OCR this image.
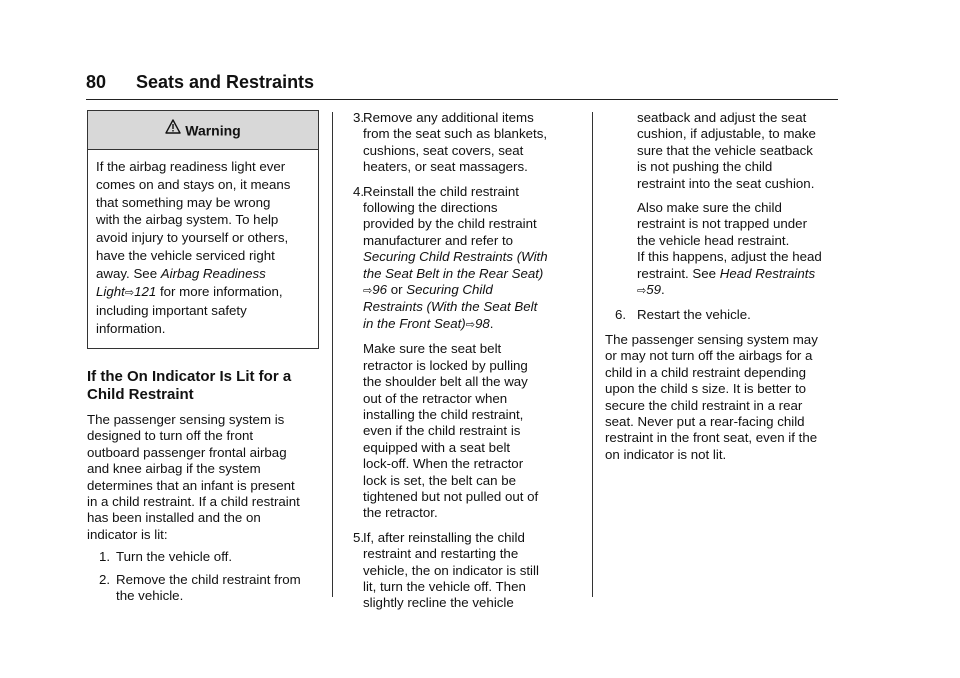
80 Seats and Restraints
Warning
If the airbag readiness light ever
comes on and stays on, it means
that something may be wrong
with the airbag system. To help
avoid injury to yourself or others,
have the vehicle serviced right
away. See Airbag Readiness
Light⇨121 for more information,
including important safety
information.
If the On Indicator Is Lit for a
Child Restraint
The passenger sensing system is
designed to turn off the front
outboard passenger frontal airbag
and knee airbag if the system
determines that an infant is present
in a child restraint. If a child restraint
has been installed and the on
indicator is lit:
1. Turn the vehicle off.
2. Remove the child restraint from
the vehicle.
3.
Remove any additional items
from the seat such as blankets,
cushions, seat covers, seat
heaters, or seat massagers.
4.
Reinstall the child restraint
following the directions
provided by the child restraint
manufacturer and refer to
Securing Child Restraints (With
the Seat Belt in the Rear Seat)
⇨96 or Securing Child
Restraints (With the Seat Belt
in the Front Seat)⇨98.
Make sure the seat belt
retractor is locked by pulling
the shoulder belt all the way
out of the retractor when
installing the child restraint,
even if the child restraint is
equipped with a seat belt
lock-off. When the retractor
lock is set, the belt can be
tightened but not pulled out of
the retractor.
5.
If, after reinstalling the child
restraint and restarting the
vehicle, the on indicator is still
lit, turn the vehicle off. Then
slightly recline the vehicle
seatback and adjust the seat
cushion, if adjustable, to make
sure that the vehicle seatback
is not pushing the child
restraint into the seat cushion.
Also make sure the child
restraint is not trapped under
the vehicle head restraint.
If this happens, adjust the head
restraint. See Head Restraints
⇨59.
6. Restart the vehicle.
The passenger sensing system may
or may not turn off the airbags for a
child in a child restraint depending
upon the child s size. It is better to
secure the child restraint in a rear
seat. Never put a rear-facing child
restraint in the front seat, even if the
on indicator is not lit.
